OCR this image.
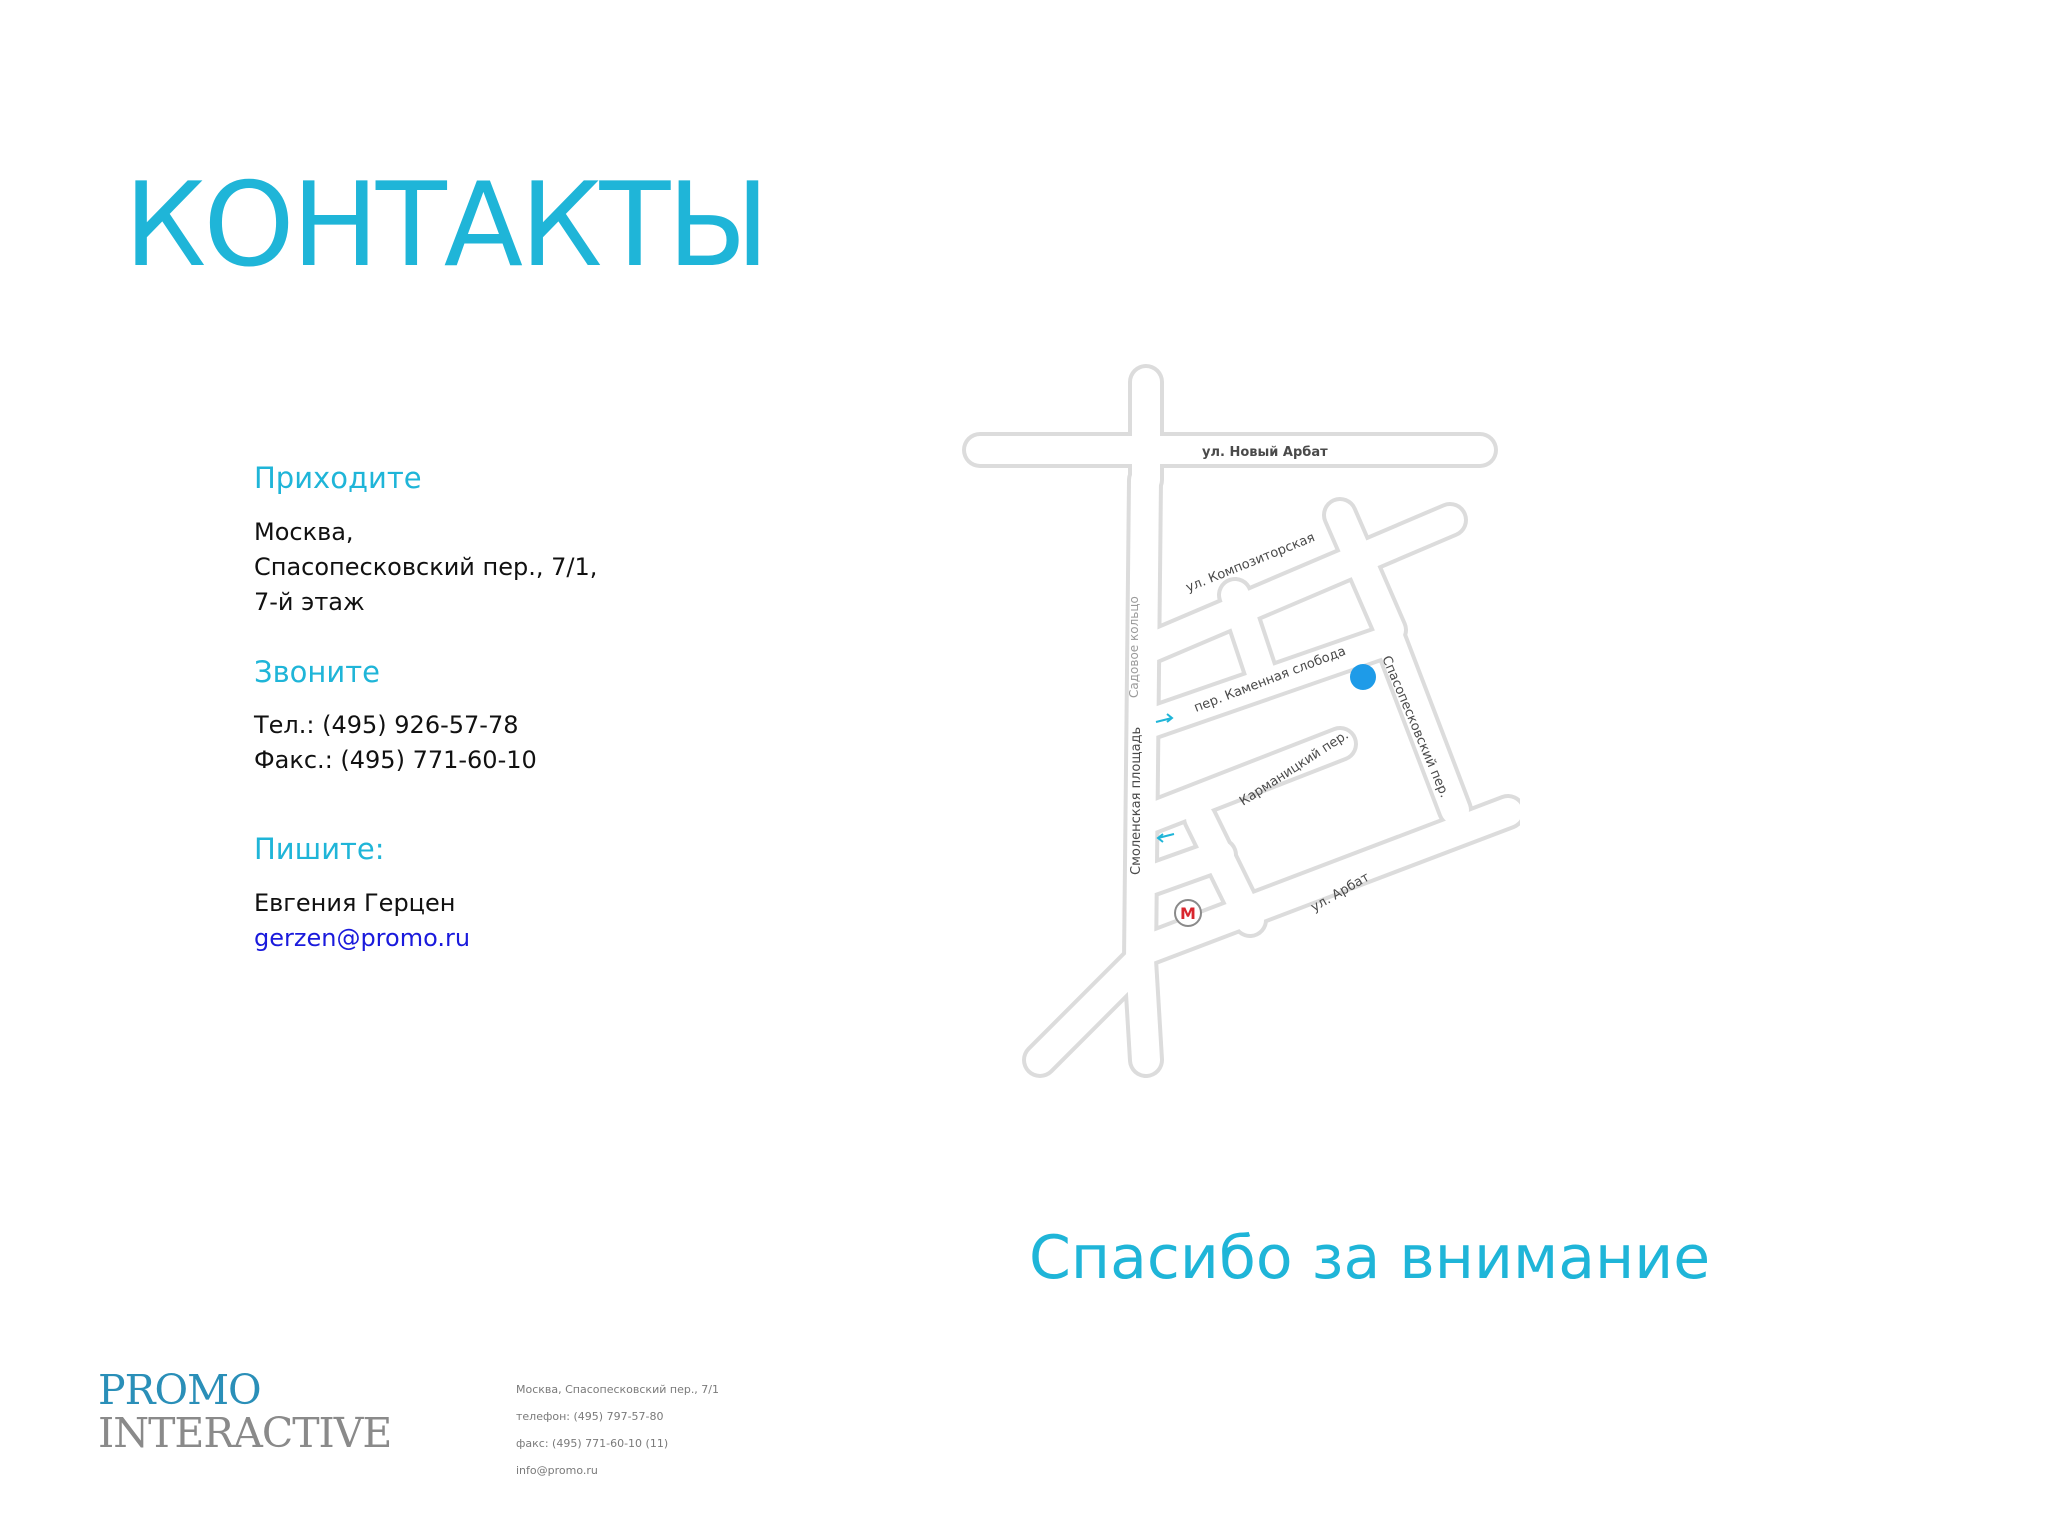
КОНТАКТЫ
Приходите
Москва,
Спасопесковский пер., 7/1,
7-й этаж
Звоните
Тел.: (495) 926-57-78
Факс.: (495) 771-60-10
Пишите:
Евгения Герцен
gerzen@promo.ru
ул. Новый Арбат
ул. Композиторская
Садовое кольцо	пер. Каменная слобода Спасопесковский пер.
Смоленская площадь	Карманицкий пер.
ул. Арбат
М
Спасибо за внимание
PROMO
INTERACTIVE
Москва, Спасопесковский пер., 7/1
телефон: (495) 797-57-80
факс: (495) 771-60-10 (11)
info@promo.ru
